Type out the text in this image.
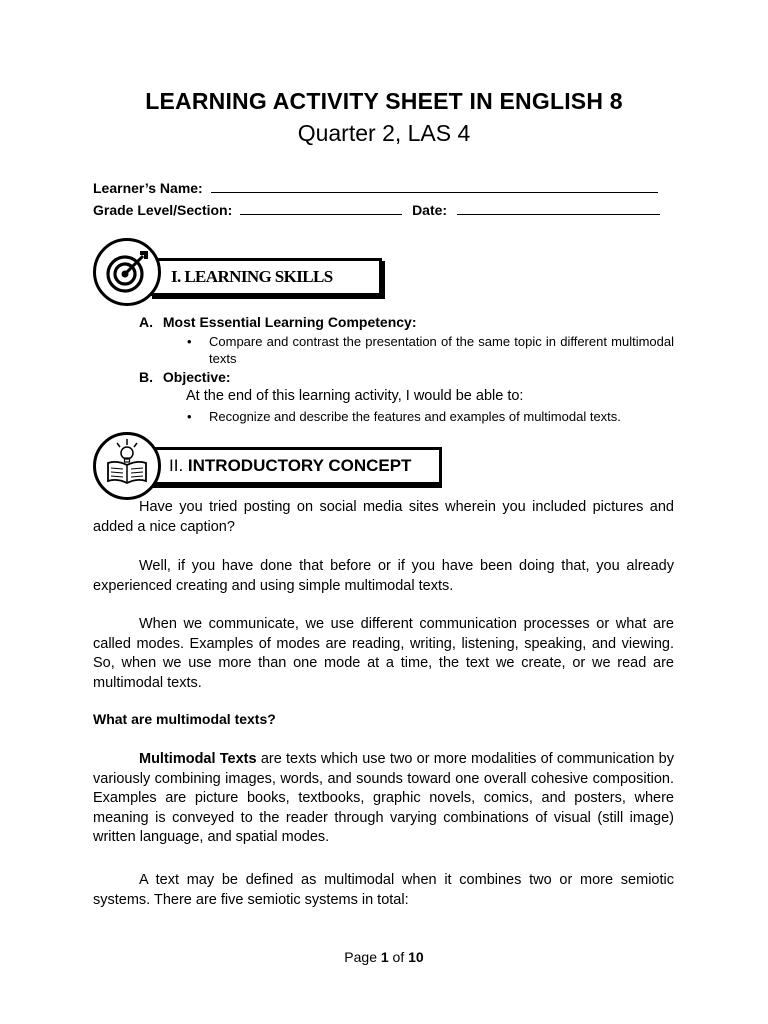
LEARNING ACTIVITY SHEET IN ENGLISH 8
Quarter 2, LAS 4
Learner’s Name:
Grade Level/Section:	Date:
I. LEARNING SKILLS
A. Most Essential Learning Competency:
• Compare and contrast the presentation of the same topic in different multimodal texts
B. Objective:
At the end of this learning activity, I would be able to:
• Recognize and describe the features and examples of multimodal texts.
II. INTRODUCTORY CONCEPT
Have you tried posting on social media sites wherein you included pictures and added a nice caption?
Well, if you have done that before or if you have been doing that, you already experienced creating and using simple multimodal texts.
When we communicate, we use different communication processes or what are called modes. Examples of modes are reading, writing, listening, speaking, and viewing. So, when we use more than one mode at a time, the text we create, or we read are multimodal texts.
What are multimodal texts?
Multimodal Texts are texts which use two or more modalities of communication by variously combining images, words, and sounds toward one overall cohesive composition. Examples are picture books, textbooks, graphic novels, comics, and posters, where meaning is conveyed to the reader through varying combinations of visual (still image) written language, and spatial modes.
A text may be defined as multimodal when it combines two or more semiotic systems. There are five semiotic systems in total:
Page 1 of 10
